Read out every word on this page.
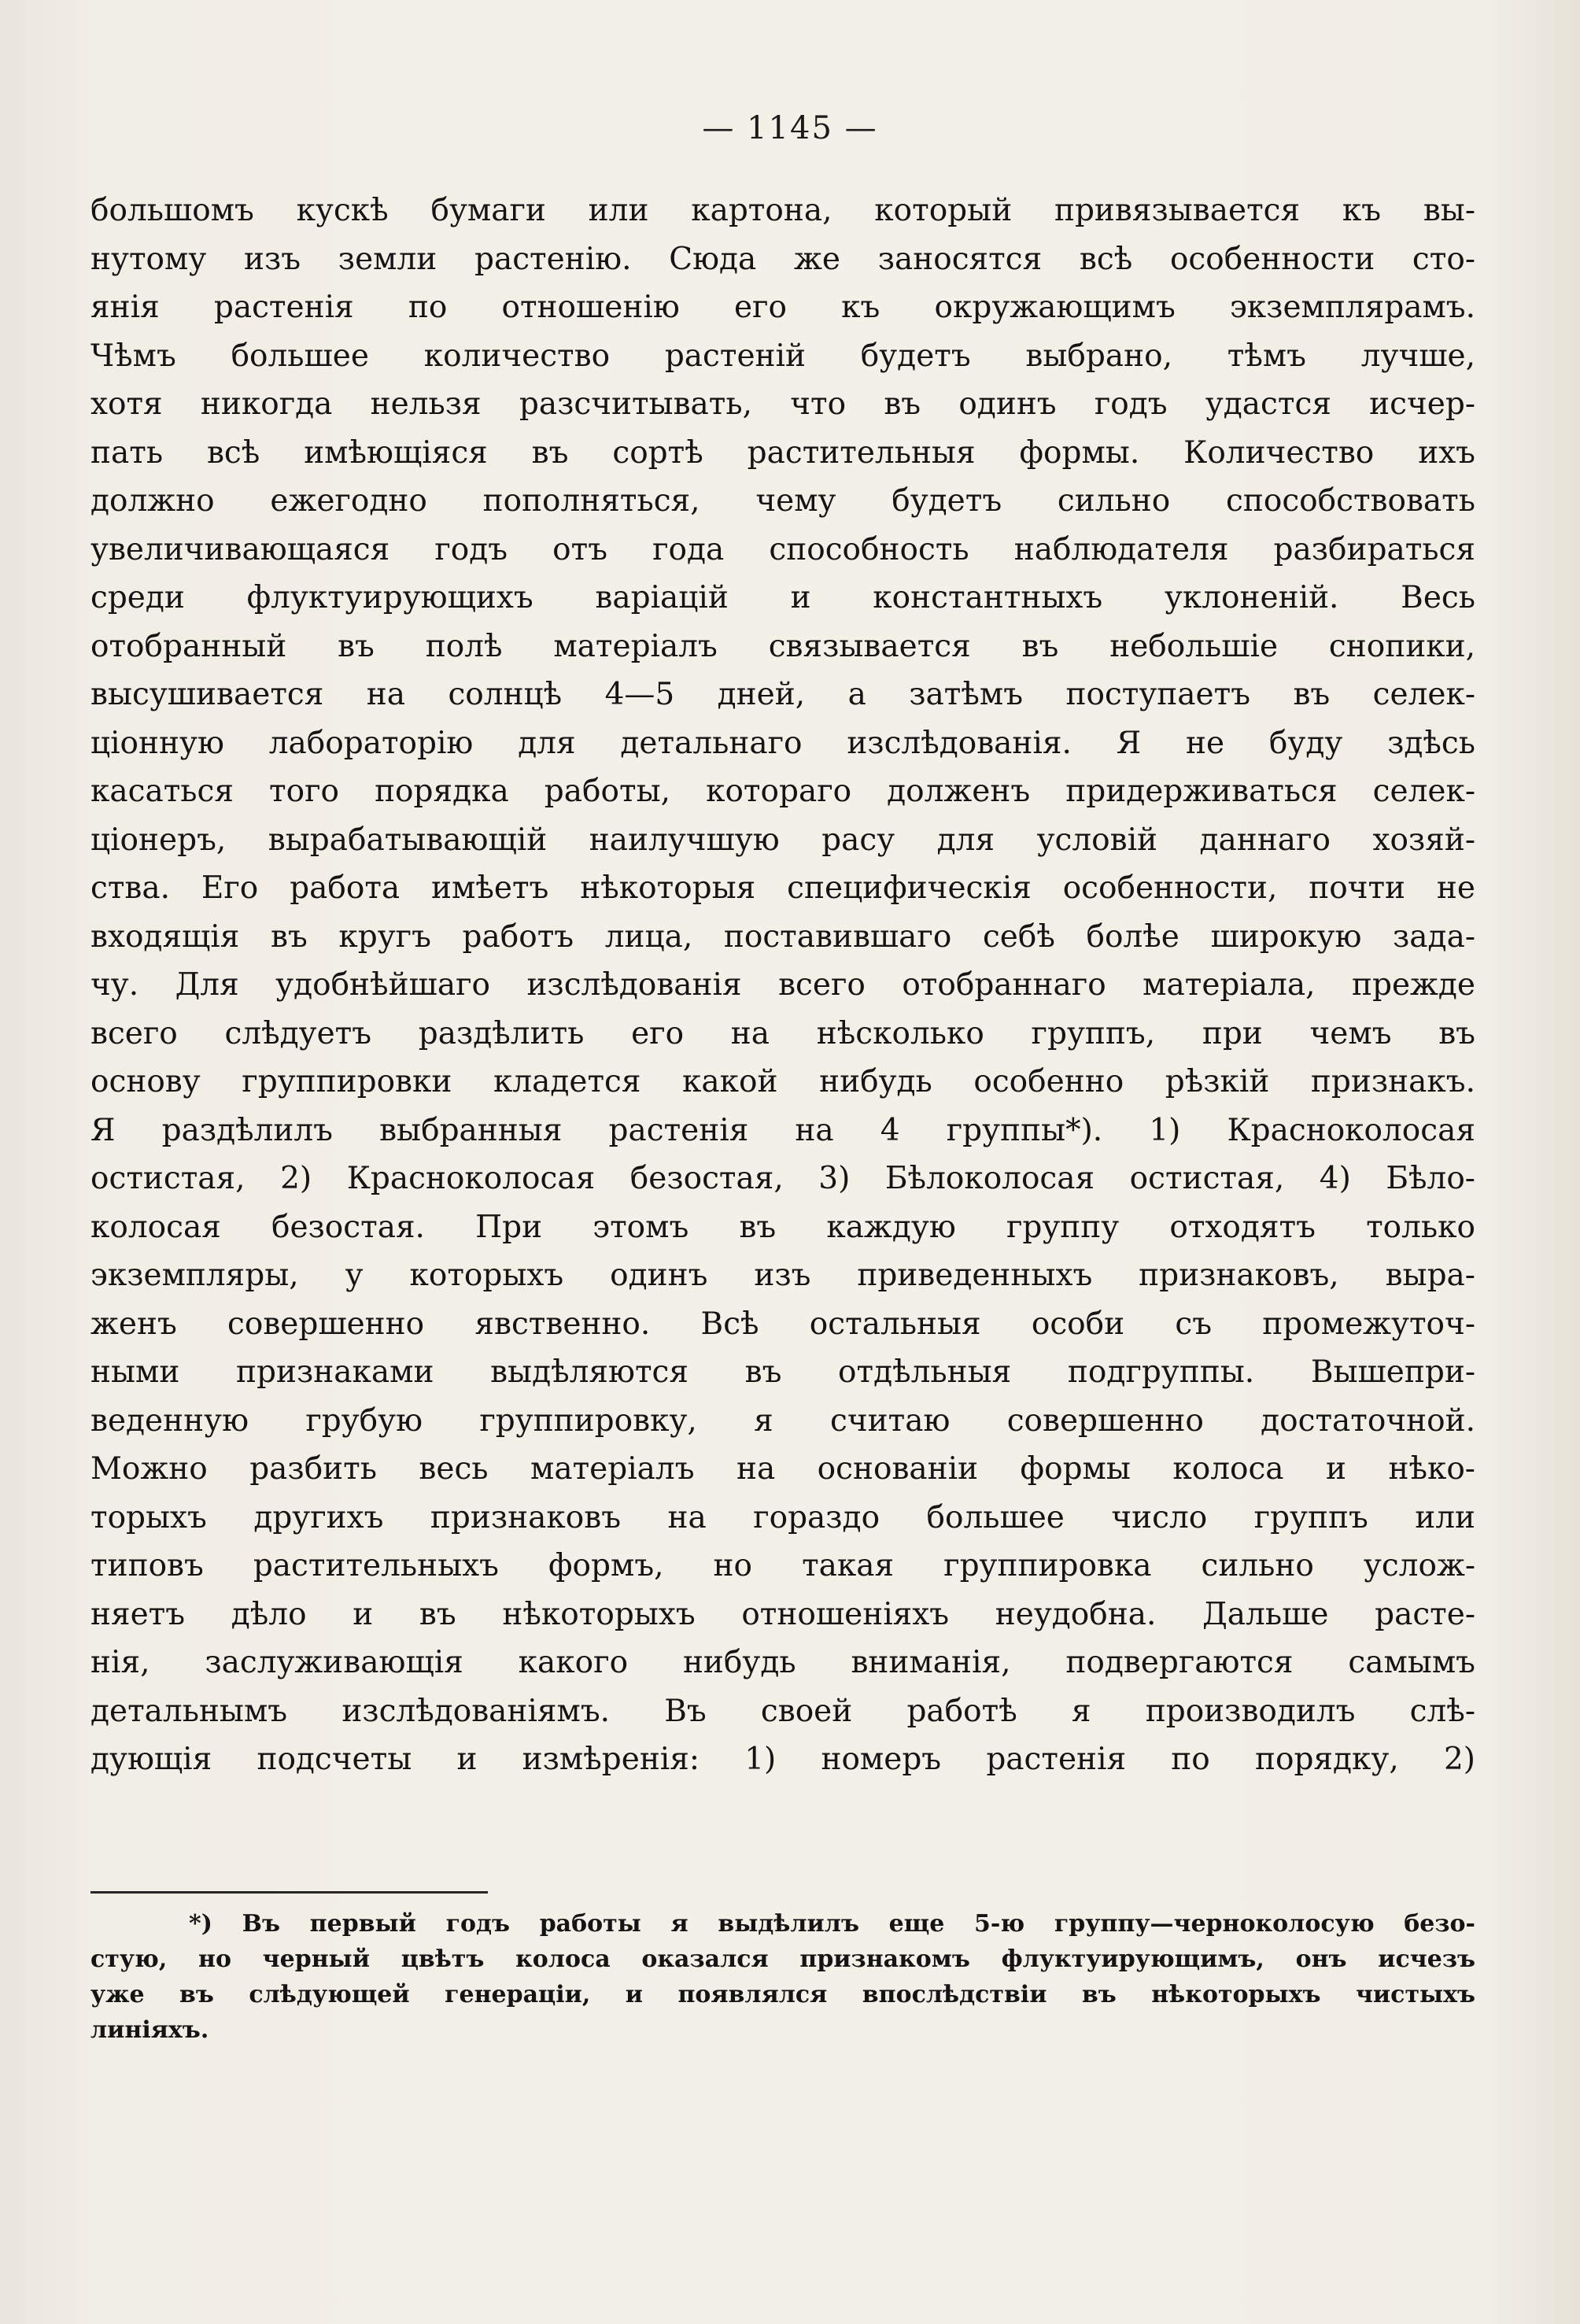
— 1145 —
большомъ кускѣ бумаги или картона, который привязывается къ вы-
нутому изъ земли растенію. Сюда же заносятся всѣ особенности сто-
янія растенія по отношенію его къ окружающимъ экземплярамъ.
Чѣмъ большее количество растеній будетъ выбрано, тѣмъ лучше,
хотя никогда нельзя разсчитывать, что въ одинъ годъ удастся исчер-
пать всѣ имѣющіяся въ сортѣ растительныя формы. Количество ихъ
должно ежегодно пополняться, чему будетъ сильно способствовать
увеличивающаяся годъ отъ года способность наблюдателя разбираться
среди флуктуирующихъ варіацій и константныхъ уклоненій. Весь
отобранный въ полѣ матеріалъ связывается въ небольшіе снопики,
высушивается на солнцѣ 4—5 дней, а затѣмъ поступаетъ въ селек-
ціонную лабораторію для детальнаго изслѣдованія. Я не буду здѣсь
касаться того порядка работы, котораго долженъ придерживаться селек-
ціонеръ, вырабатывающій наилучшую расу для условій даннаго хозяй-
ства. Его работа имѣетъ нѣкоторыя специфическія особенности, почти не
входящія въ кругъ работъ лица, поставившаго себѣ болѣе широкую зада-
чу. Для удобнѣйшаго изслѣдованія всего отобраннаго матеріала, прежде
всего слѣдуетъ раздѣлить его на нѣсколько группъ, при чемъ въ
основу группировки кладется какой нибудь особенно рѣзкій признакъ.
Я раздѣлилъ выбранныя растенія на 4 группы*). 1) Красноколосая
остистая, 2) Красноколосая безостая, 3) Бѣлоколосая остистая, 4) Бѣло-
колосая безостая. При этомъ въ каждую группу отходятъ только
экземпляры, у которыхъ одинъ изъ приведенныхъ признаковъ, выра-
женъ совершенно явственно. Всѣ остальныя особи съ промежуточ-
ными признаками выдѣляются въ отдѣльныя подгруппы. Вышепри-
веденную грубую группировку, я считаю совершенно достаточной.
Можно разбить весь матеріалъ на основаніи формы колоса и нѣко-
торыхъ другихъ признаковъ на гораздо большее число группъ или
типовъ растительныхъ формъ, но такая группировка сильно услож-
няетъ дѣло и въ нѣкоторыхъ отношеніяхъ неудобна. Дальше расте-
нія, заслуживающія какого нибудь вниманія, подвергаются самымъ
детальнымъ изслѣдованіямъ. Въ своей работѣ я производилъ слѣ-
дующія подсчеты и измѣренія: 1) номеръ растенія по порядку, 2)
*) Въ первый годъ работы я выдѣлилъ еще 5-ю группу—черноколосую безо-
стую, но черный цвѣтъ колоса оказался признакомъ флуктуирующимъ, онъ исчезъ
уже въ слѣдующей генераціи, и появлялся впослѣдствіи въ нѣкоторыхъ чистыхъ
линіяхъ.
